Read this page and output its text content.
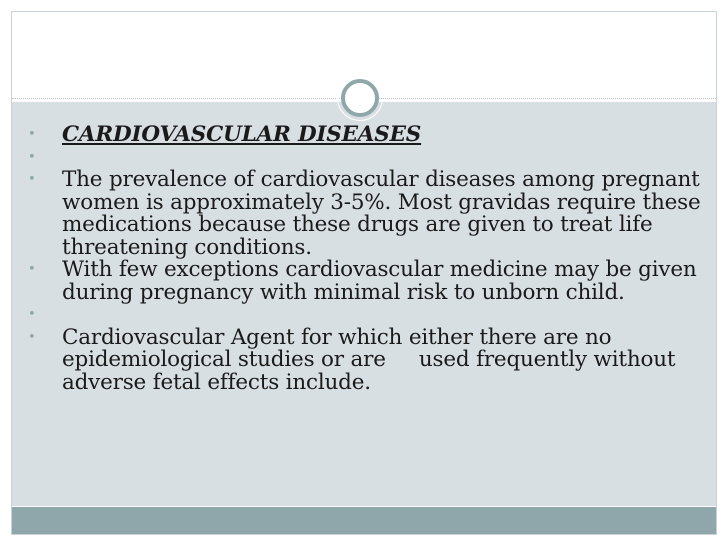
•	CARDIOVASCULAR DISEASES
•
•	The prevalence of cardiovascular diseases among pregnant women is approximately 3-5%. Most gravidas require these medications because these drugs are given to treat life threatening conditions.
•	With few exceptions cardiovascular medicine may be given during pregnancy with minimal risk to unborn child.
•
•	Cardiovascular Agent for which either there are no epidemiological studies or are     used frequently without adverse fetal effects include.
